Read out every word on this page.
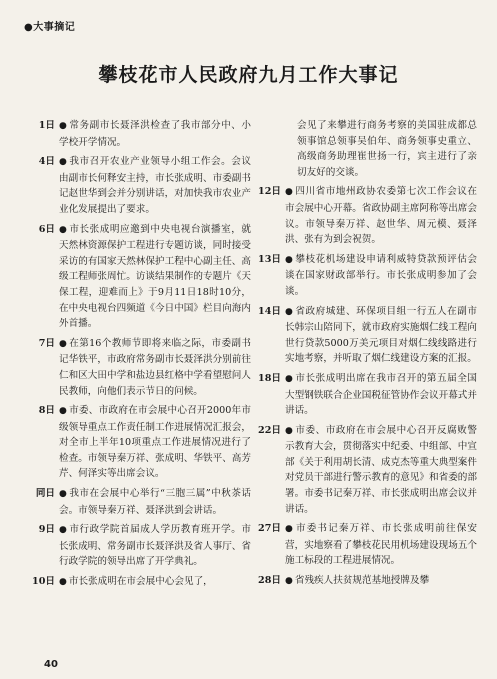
●大事摘记
攀枝花市人民政府九月工作大事记
1日 ● 常务副市长聂泽洪检查了我市部分中、小学校开学情况。
4日 ● 我市召开农业产业领导小组工作会。会议由副市长何释安主持，市长张成明、市委副书记赵世华到会并分别讲话，对加快我市农业产业化发展提出了要求。
6日 ● 市长张成明应邀到中央电视台演播室，就天然林资源保护工程进行专题访谈，同时接受采访的有国家天然林保护工程中心副主任、高级工程师张周忙。访谈结果制作的专题片《天保工程，迎难而上》于9月11日18时10分，在中央电视台四频道《今日中国》栏目向海内外首播。
7日 ● 在第16个教师节即将来临之际，市委副书记华铁平，市政府常务副市长聂泽洪分别前往仁和区大田中学和盐边县红格中学看望慰问人民教师，向他们表示节日的问候。
8日 ● 市委、市政府在市会展中心召开2000年市级领导重点工作责任制工作进展情况汇报会，对全市上半年10项重点工作进展情况进行了检查。市领导秦万祥、张成明、华铁平、高芳芹、何泽实等出席会议。
同日 ● 我市在会展中心举行“三胞三属”中秋茶话会。市领导秦万祥、聂泽洪到会讲话。
9日 ● 市行政学院首届成人学历教育班开学。市长张成明、常务副市长聂泽洪及省人事厅、省行政学院的领导出席了开学典礼。
10日 ● 市长张成明在市会展中心会见了，
会见了来攀进行商务考察的美国驻成都总领事馆总领事吴伯年、商务领事史重立、高级商务助理崔世扬一行，宾主进行了亲切友好的交谈。
12日 ● 四川省市地州政协农委第七次工作会议在市会展中心开幕。省政协副主席阿称等出席会议。市领导秦万祥、赵世华、周元模、聂泽洪、张有为到会祝贺。
13日 ● 攀枝花机场建设申请利威特贷款预评估会谈在国家财政部举行。市长张成明参加了会谈。
14日 ● 省政府城建、环保项目组一行五人在副市长韩宗山陪同下，就市政府实施烟仁线工程向世行贷款5000万美元项目对烟仁线线路进行实地考察，并听取了烟仁线建设方案的汇报。
18日 ● 市长张成明出席在我市召开的第五届全国大型钢铁联合企业国税征管协作会议开幕式并讲话。
22日 ● 市委、市政府在市会展中心召开反腐败警示教育大会，贯彻落实中纪委、中组部、中宣部《关于利用胡长清、成克杰等重大典型案件对党员干部进行警示教育的意见》和省委的部署。市委书记秦万祥、市长张成明出席会议并讲话。
27日 ● 市委书记秦万祥、市长张成明前往保安营，实地察看了攀枝花民用机场建设现场五个施工标段的工程进展情况。
28日 ● 省残疾人扶贫规范基地授牌及攀
40
